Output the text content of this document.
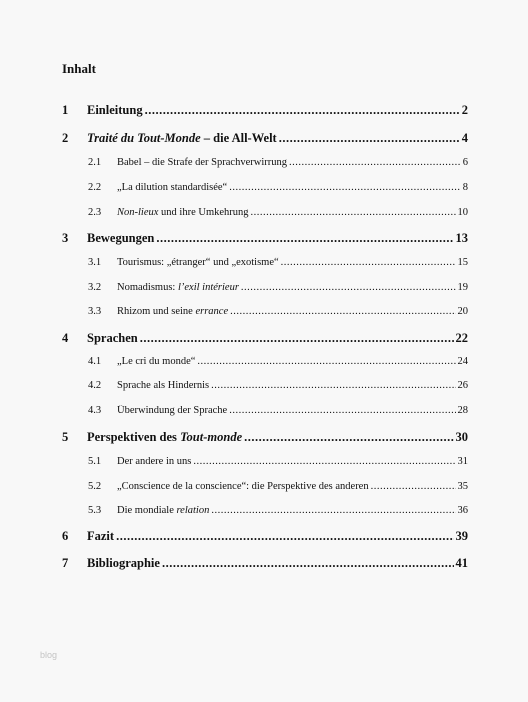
Inhalt
1	Einleitung .....	2
2	Traité du Tout-Monde – die All-Welt .....	4
2.1	Babel – die Strafe der Sprachverwirrung .....	6
2.2	„La dilution standardisée“ .....	8
2.3	Non-lieux und ihre Umkehrung .....	10
3	Bewegungen .....	13
3.1	Tourismus: „étranger“ und „exotisme“ .....	15
3.2	Nomadismus: l’exil intérieur .....	19
3.3	Rhizom und seine errance .....	20
4	Sprachen .....	22
4.1	„Le cri du monde“ .....	24
4.2	Sprache als Hindernis .....	26
4.3	Überwindung der Sprache .....	28
5	Perspektiven des Tout-monde .....	30
5.1	Der andere in uns .....	31
5.2	„Conscience de la conscience“: die Perspektive des anderen .....	35
5.3	Die mondiale relation .....	36
6	Fazit .....	39
7	Bibliographie .....	41
blog
